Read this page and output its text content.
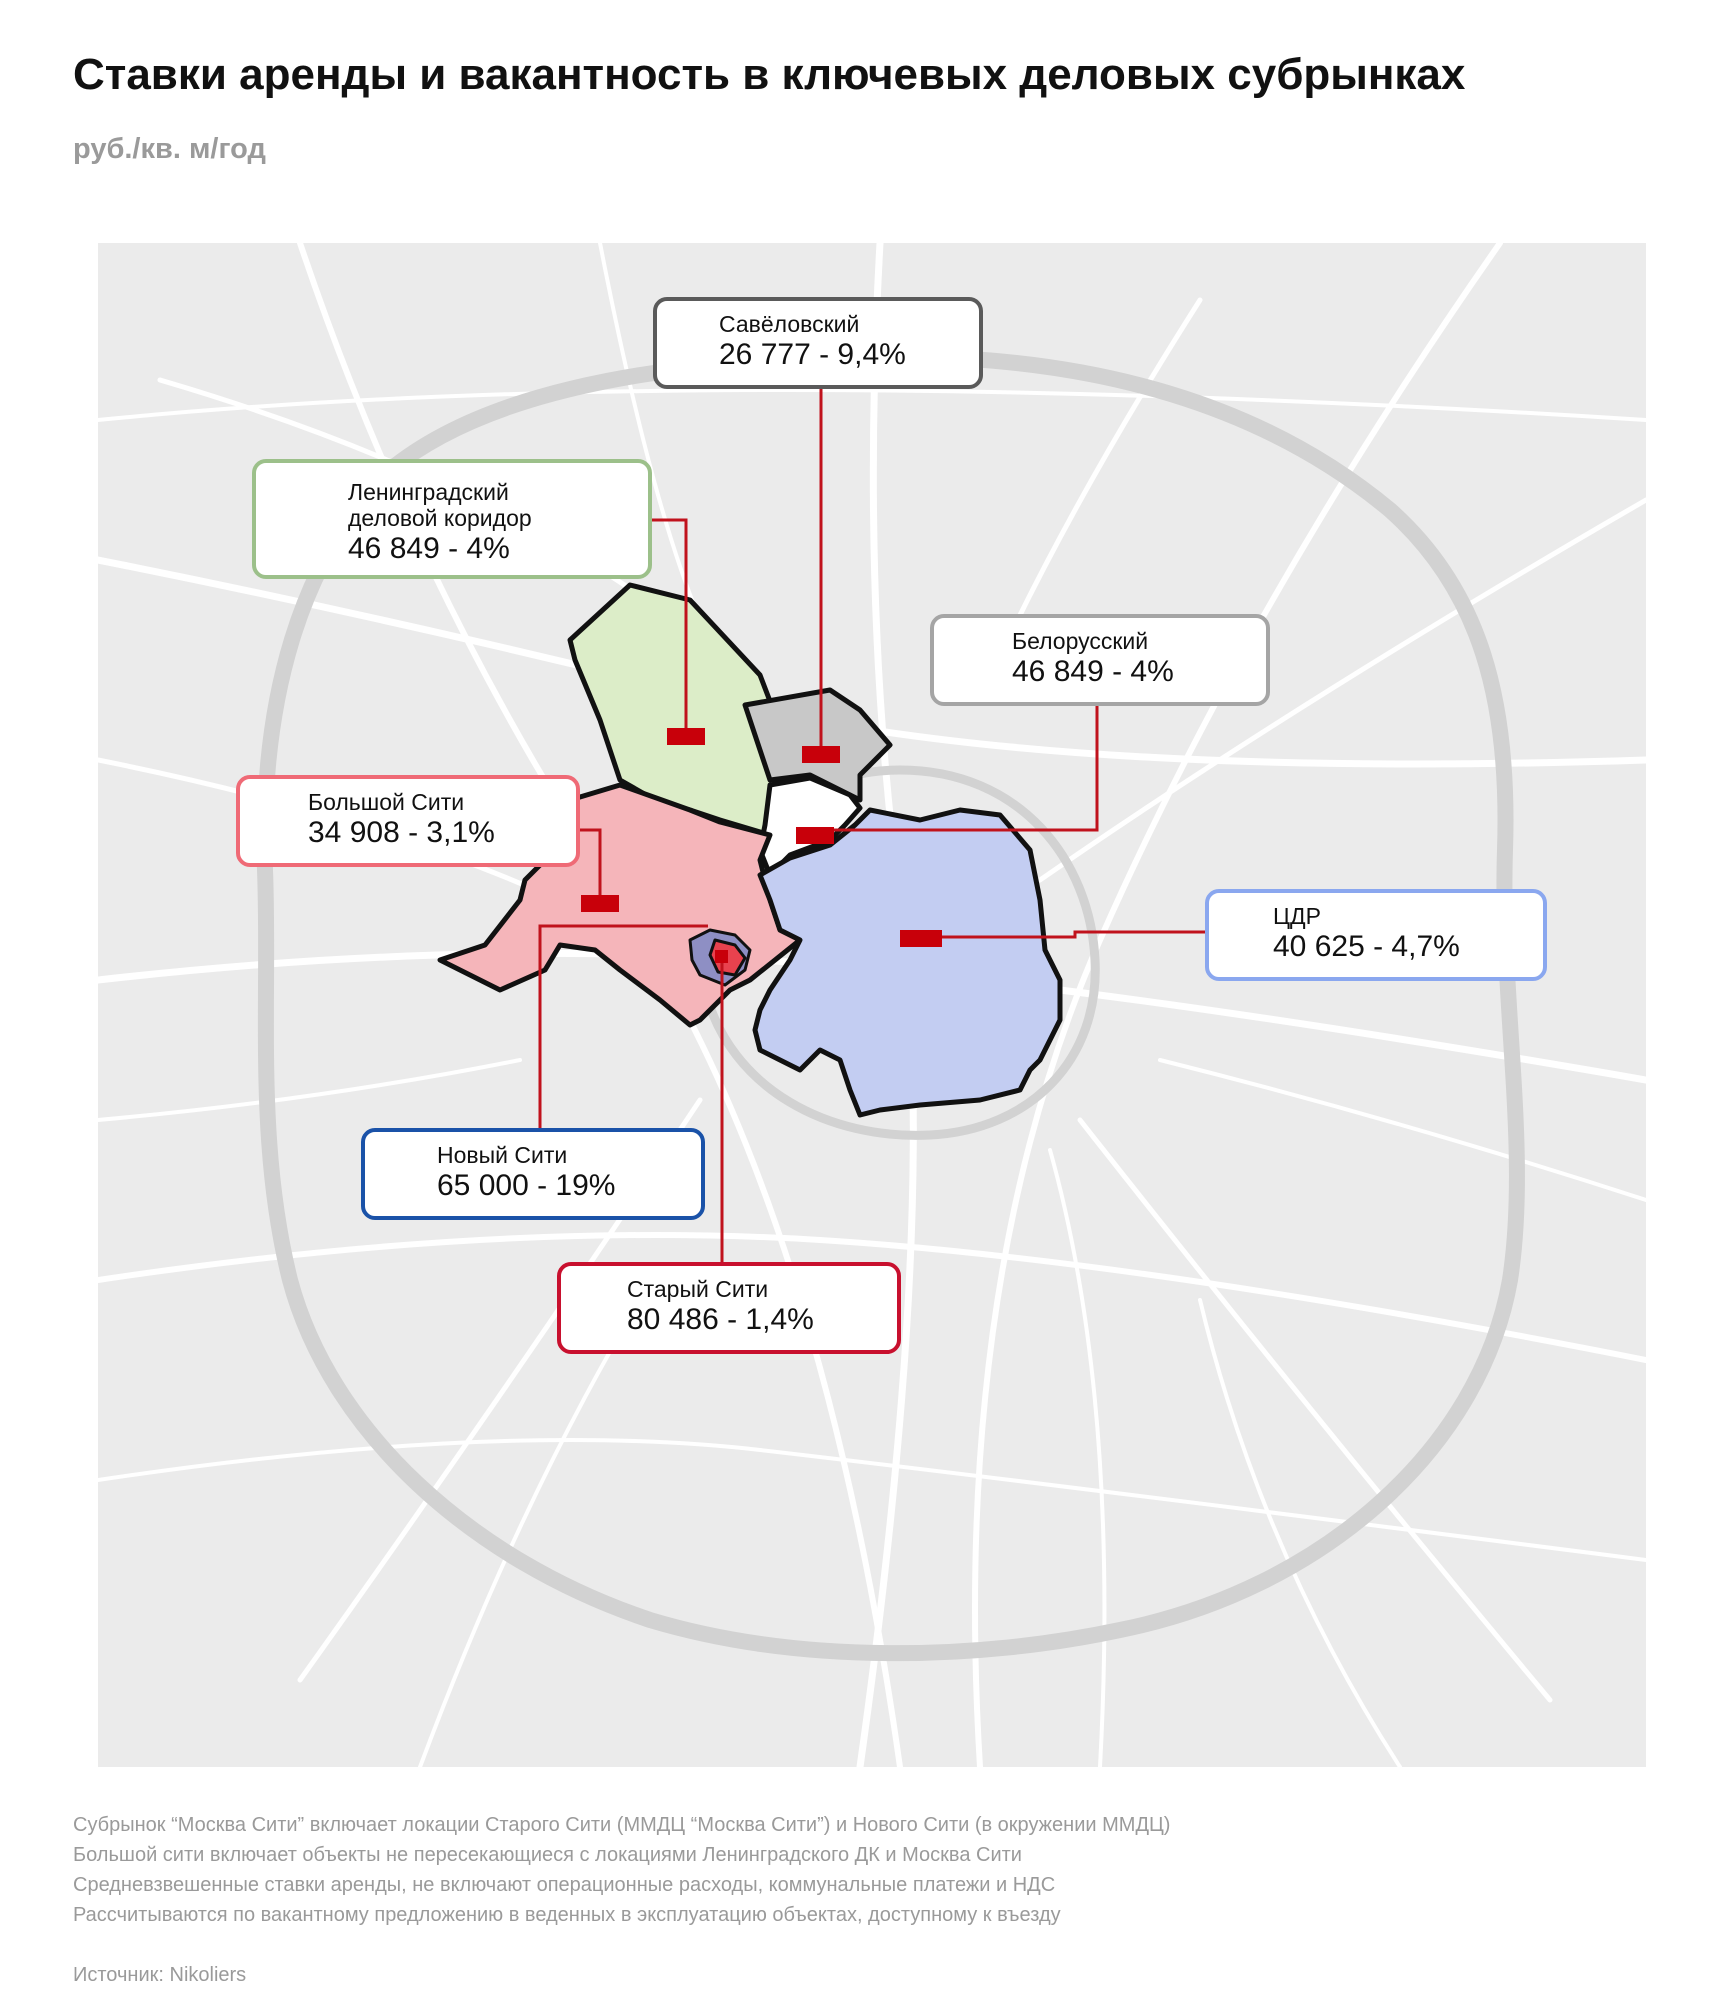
Ставки аренды и вакантность в ключевых деловых субрынках
руб./кв. м/год
Савёловский
26 777 - 9,4%
Ленинградский
деловой коридор
46 849 - 4%
Белорусский
46 849 - 4%
Большой Сити
34 908 - 3,1%
ЦДР
40 625 - 4,7%
Новый Сити
65 000 - 19%
Старый Сити
80 486 - 1,4%
Субрынок “Москва Сити” включает локации Старого Сити (ММДЦ “Москва Сити”) и Нового Сити (в окружении ММДЦ)
Большой сити включает объекты не пересекающиеся с локациями Ленинградского ДК и Москва Сити
Средневзвешенные ставки аренды, не включают операционные расходы, коммунальные платежи и НДС
Рассчитываются по вакантному предложению в веденных в эксплуатацию объектах, доступному к въезду
Источник: Nikoliers
